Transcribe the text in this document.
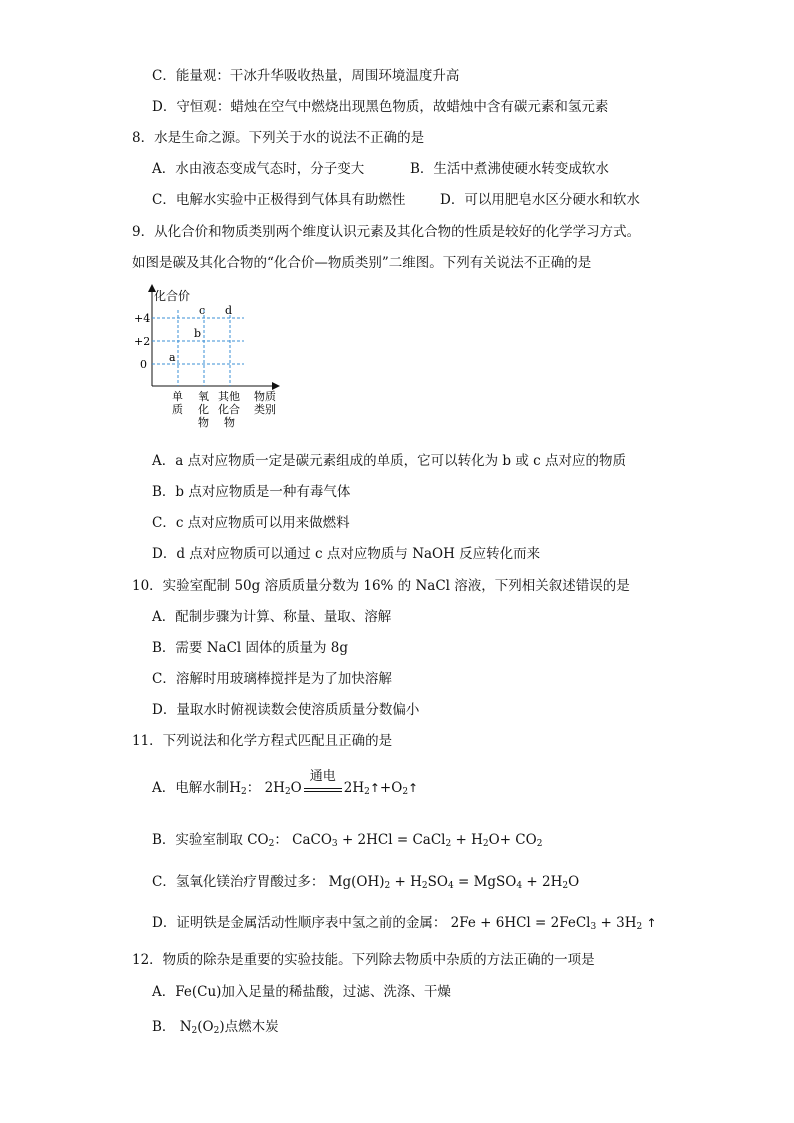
C．能量观：干冰升华吸收热量，周围环境温度升高
D．守恒观：蜡烛在空气中燃烧出现黑色物质，故蜡烛中含有碳元素和氢元素
8．水是生命之源。下列关于水的说法不正确的是
A．水由液态变成气态时，分子变大	B．生活中煮沸使硬水转变成软水
C．电解水实验中正极得到气体具有助燃性	D．可以用肥皂水区分硬水和软水
9．从化合价和物质类别两个维度认识元素及其化合物的性质是较好的化学学习方式。
如图是碳及其化合物的“化合价—物质类别”二维图。下列有关说法不正确的是
化合价
+4
+2
0
a
b
c d
单质
氧化物
其他化合物
物质类别
A．a 点对应物质一定是碳元素组成的单质，它可以转化为 b 或 c 点对应的物质
B．b 点对应物质是一种有毒气体
C．c 点对应物质可以用来做燃料
D．d 点对应物质可以通过 c 点对应物质与 NaOH 反应转化而来
10．实验室配制 50g 溶质质量分数为 16% 的 NaCl 溶液，下列相关叙述错误的是
A．配制步骤为计算、称量、量取、溶解
B．需要 NaCl 固体的质量为 8g
C．溶解时用玻璃棒搅拌是为了加快溶解
D．量取水时俯视读数会使溶质质量分数偏小
11．下列说法和化学方程式匹配且正确的是
A．电解水制$H_2$： $2H_2O$
通电
$2H_2↑+O_2↑$
B．实验室制取 $CO_2$： CaCO$_3$ + 2HCl = CaCl$_2$ + $H_2O+ CO_2$
C．氢氧化镁治疗胃酸过多： $Mg(OH)_2 + H_2SO_4$ = MgSO$_4$ + $2H_2O$
D．证明铁是金属活动性顺序表中氢之前的金属： 2Fe + 6HCl = 2FeCl$_3$ + $3H_2$ ↑
12．物质的除杂是重要的实验技能。下列除去物质中杂质的方法正确的一项是
A．Fe(Cu)加入足量的稀盐酸，过滤、洗涤、干燥
B． $N_2(O_2)$点燃木炭
